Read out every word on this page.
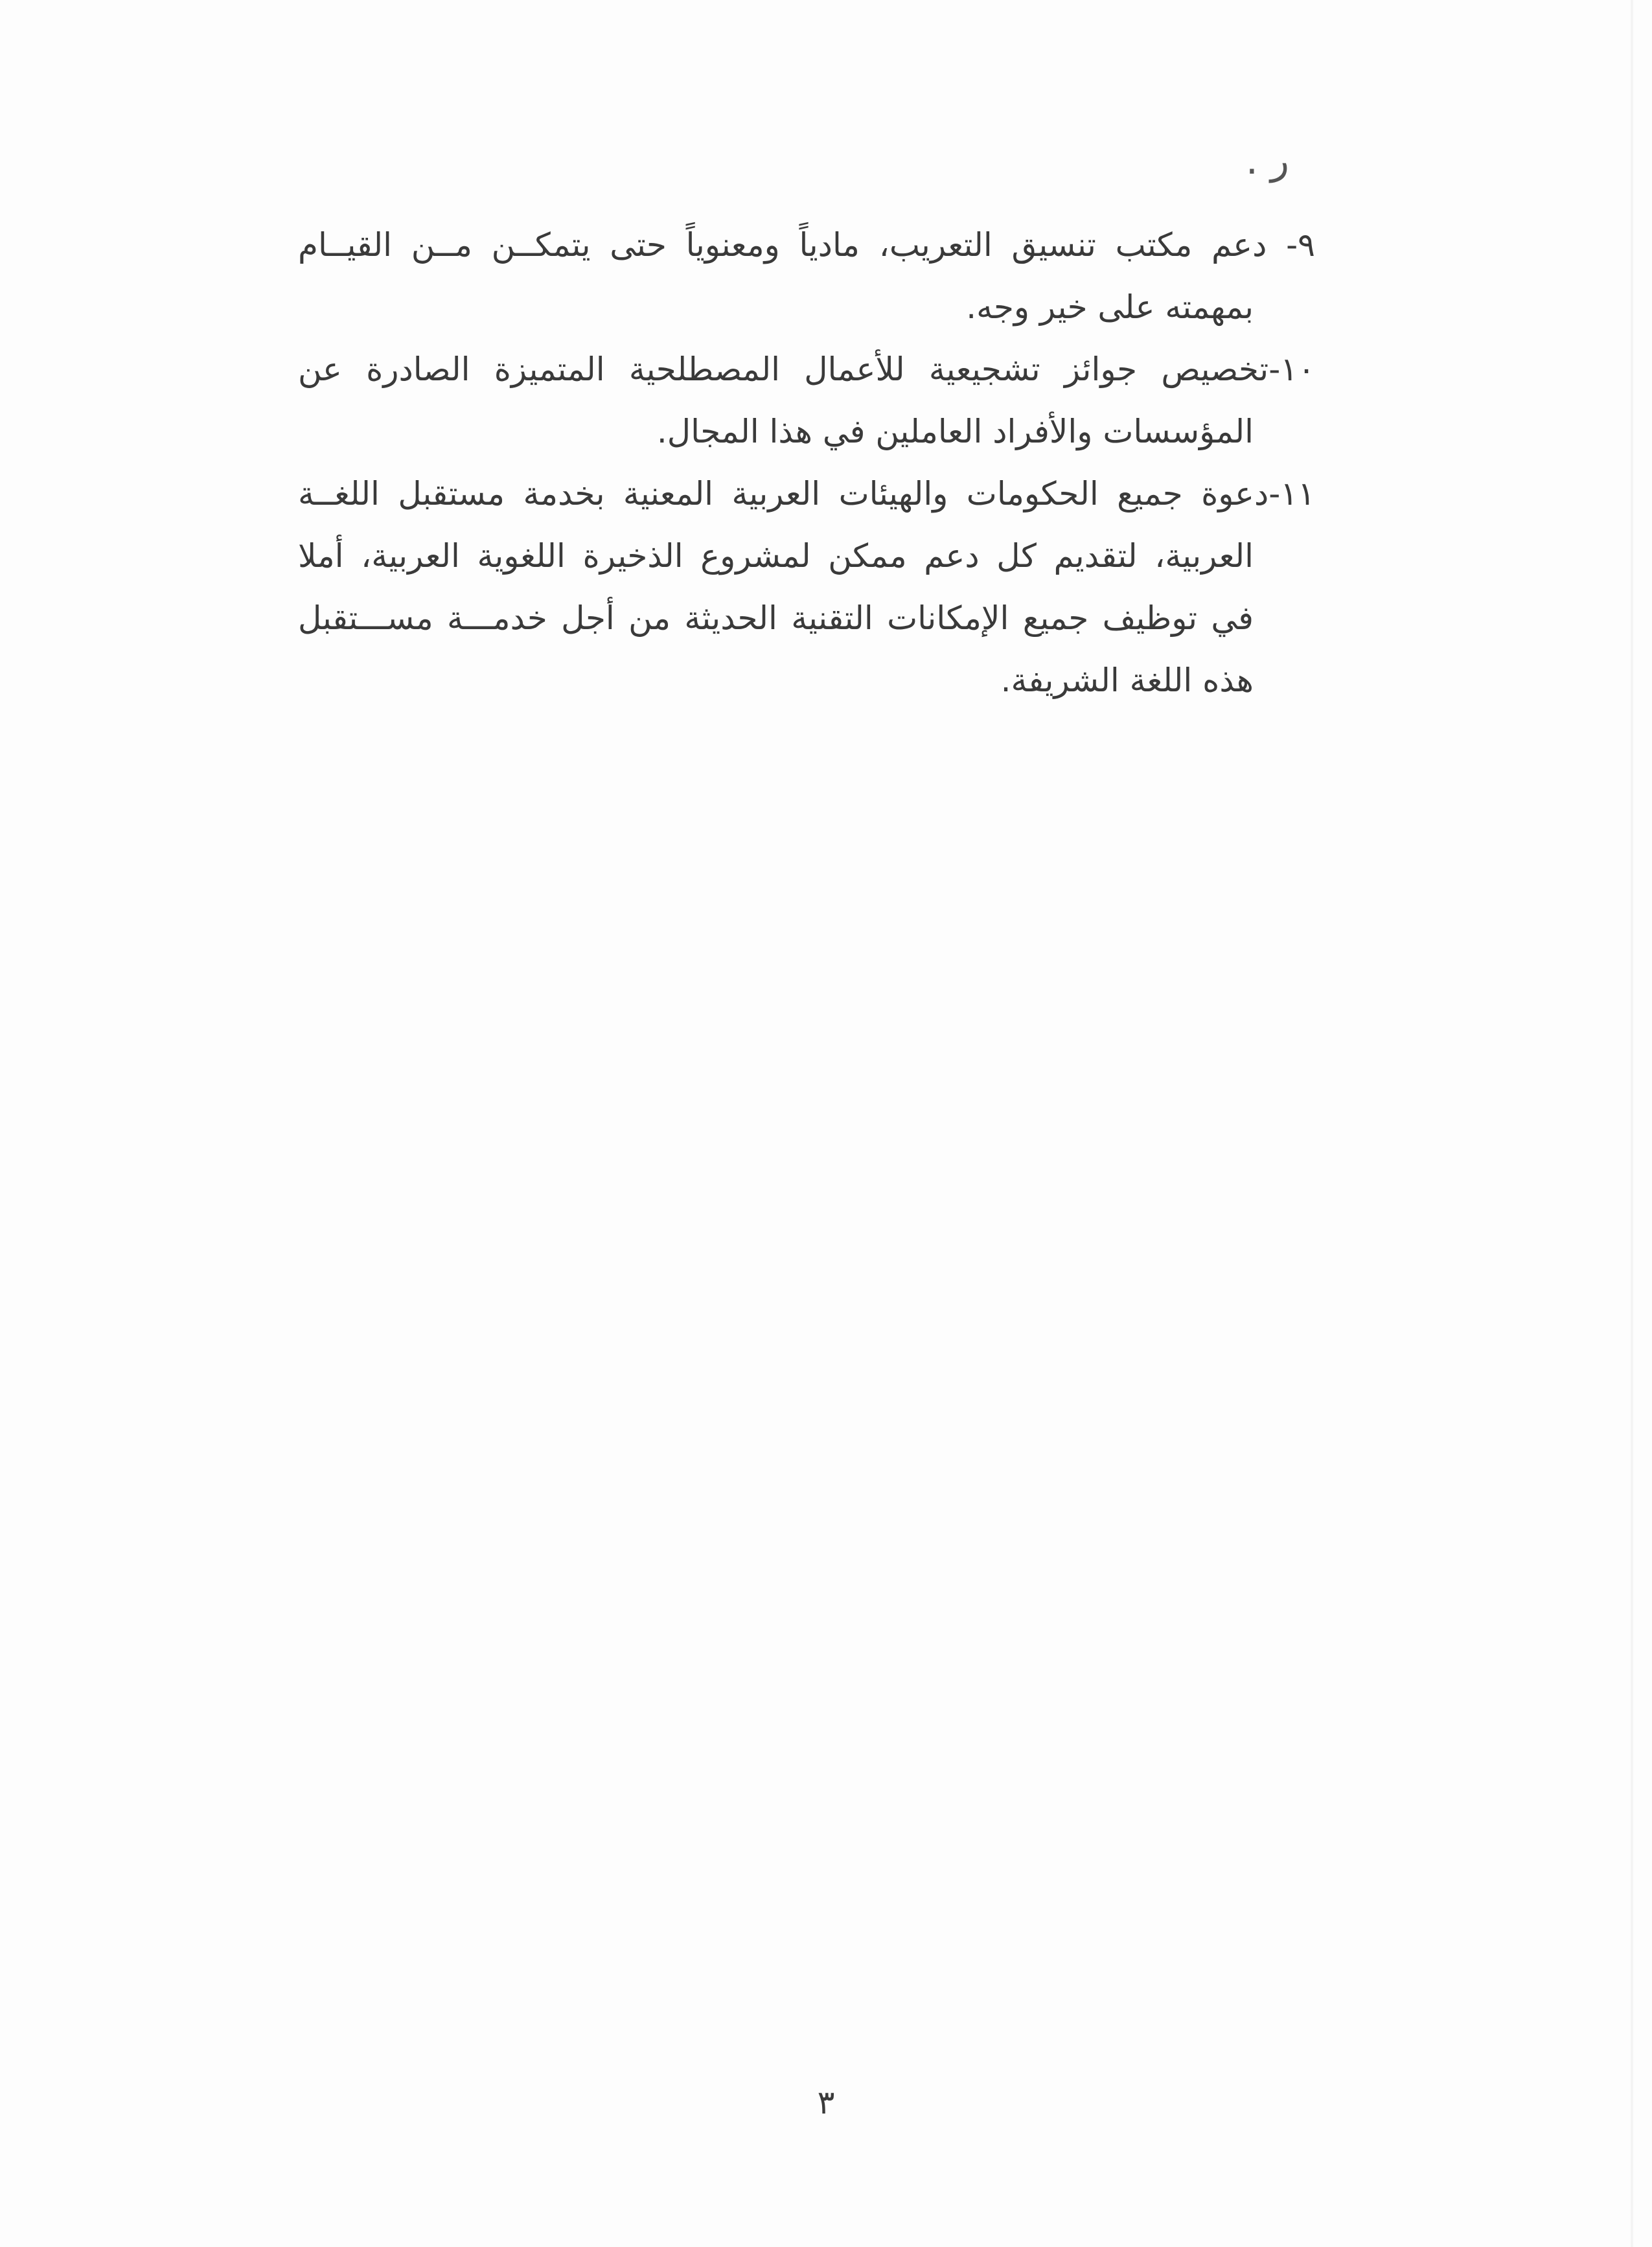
ر .
٩- دعم مكتب تنسيق التعريب، مادياً ومعنوياً حتى يتمكــن مــن القيــام
بمهمته على خير وجه.
١٠-تخصيص جوائز تشجيعية للأعمال المصطلحية المتميزة الصادرة عن
المؤسسات والأفراد العاملين في هذا المجال.
١١-دعوة جميع الحكومات والهيئات العربية المعنية بخدمة مستقبل اللغــة
العربية، لتقديم كل دعم ممكن لمشروع الذخيرة اللغوية العربية، أملا
في توظيف جميع الإمكانات التقنية الحديثة من أجل خدمـــة مســـتقبل
هذه اللغة الشريفة.
٣
